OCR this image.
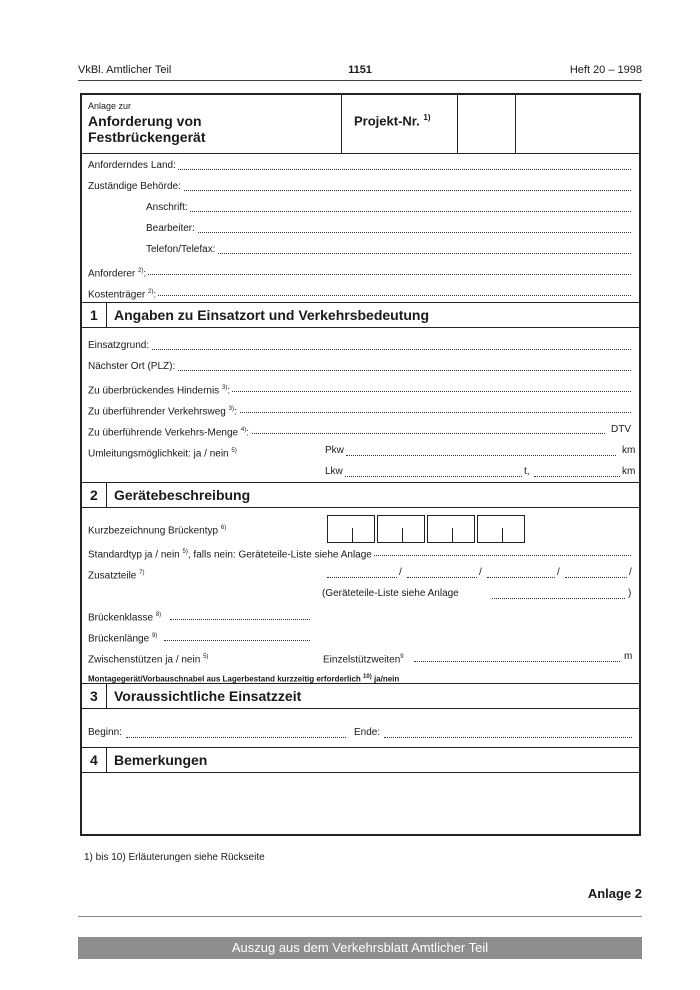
VkBl. Amtlicher Teil	1151	Heft 20 – 1998
Anlage zur
Anforderung von
Festbrückengerät
Projekt-Nr. $^{1)}$
Anforderndes Land:
Zuständige Behörde:
Anschrift:
Bearbeiter:
Telefon/Telefax:
Anforderer $^{2)}$:
Kostenträger $^{2)}$:
1 Angaben zu Einsatzort und Verkehrsbedeutung
Einsatzgrund:
Nächster Ort (PLZ):
Zu überbrückendes Hindernis $^{3)}$:
Zu überführender Verkehrsweg $^{3)}$:
Zu überführende Verkehrs-Menge $^{4)}$:	DTV
Umleitungsmöglichkeit: ja / nein $^{5)}$	Pkw	km
Lkw	t,	km
2 Gerätebeschreibung
Kurzbezeichnung Brückentyp $^{6)}$
Standardtyp ja / nein $^{5)}$, falls nein: Geräteteile-Liste siehe Anlage
Zusatzteile $^{7)}$	/	/	/	/
(Geräteteile-Liste siehe Anlage	)
Brückenklasse $^{8)}$
Brückenlänge $^{9)}$
Zwischenstützen ja / nein $^{5)}$	Einzelstützweiten$^9$	m
Montagegerät/Vorbauschnabel aus Lagerbestand kurzzeitig erforderlich $^{10)}$ ja/nein
3 Voraussichtliche Einsatzzeit
Beginn:	Ende:
4 Bemerkungen
1) bis 10) Erläuterungen siehe Rückseite
Anlage 2
Auszug aus dem Verkehrsblatt Amtlicher Teil
